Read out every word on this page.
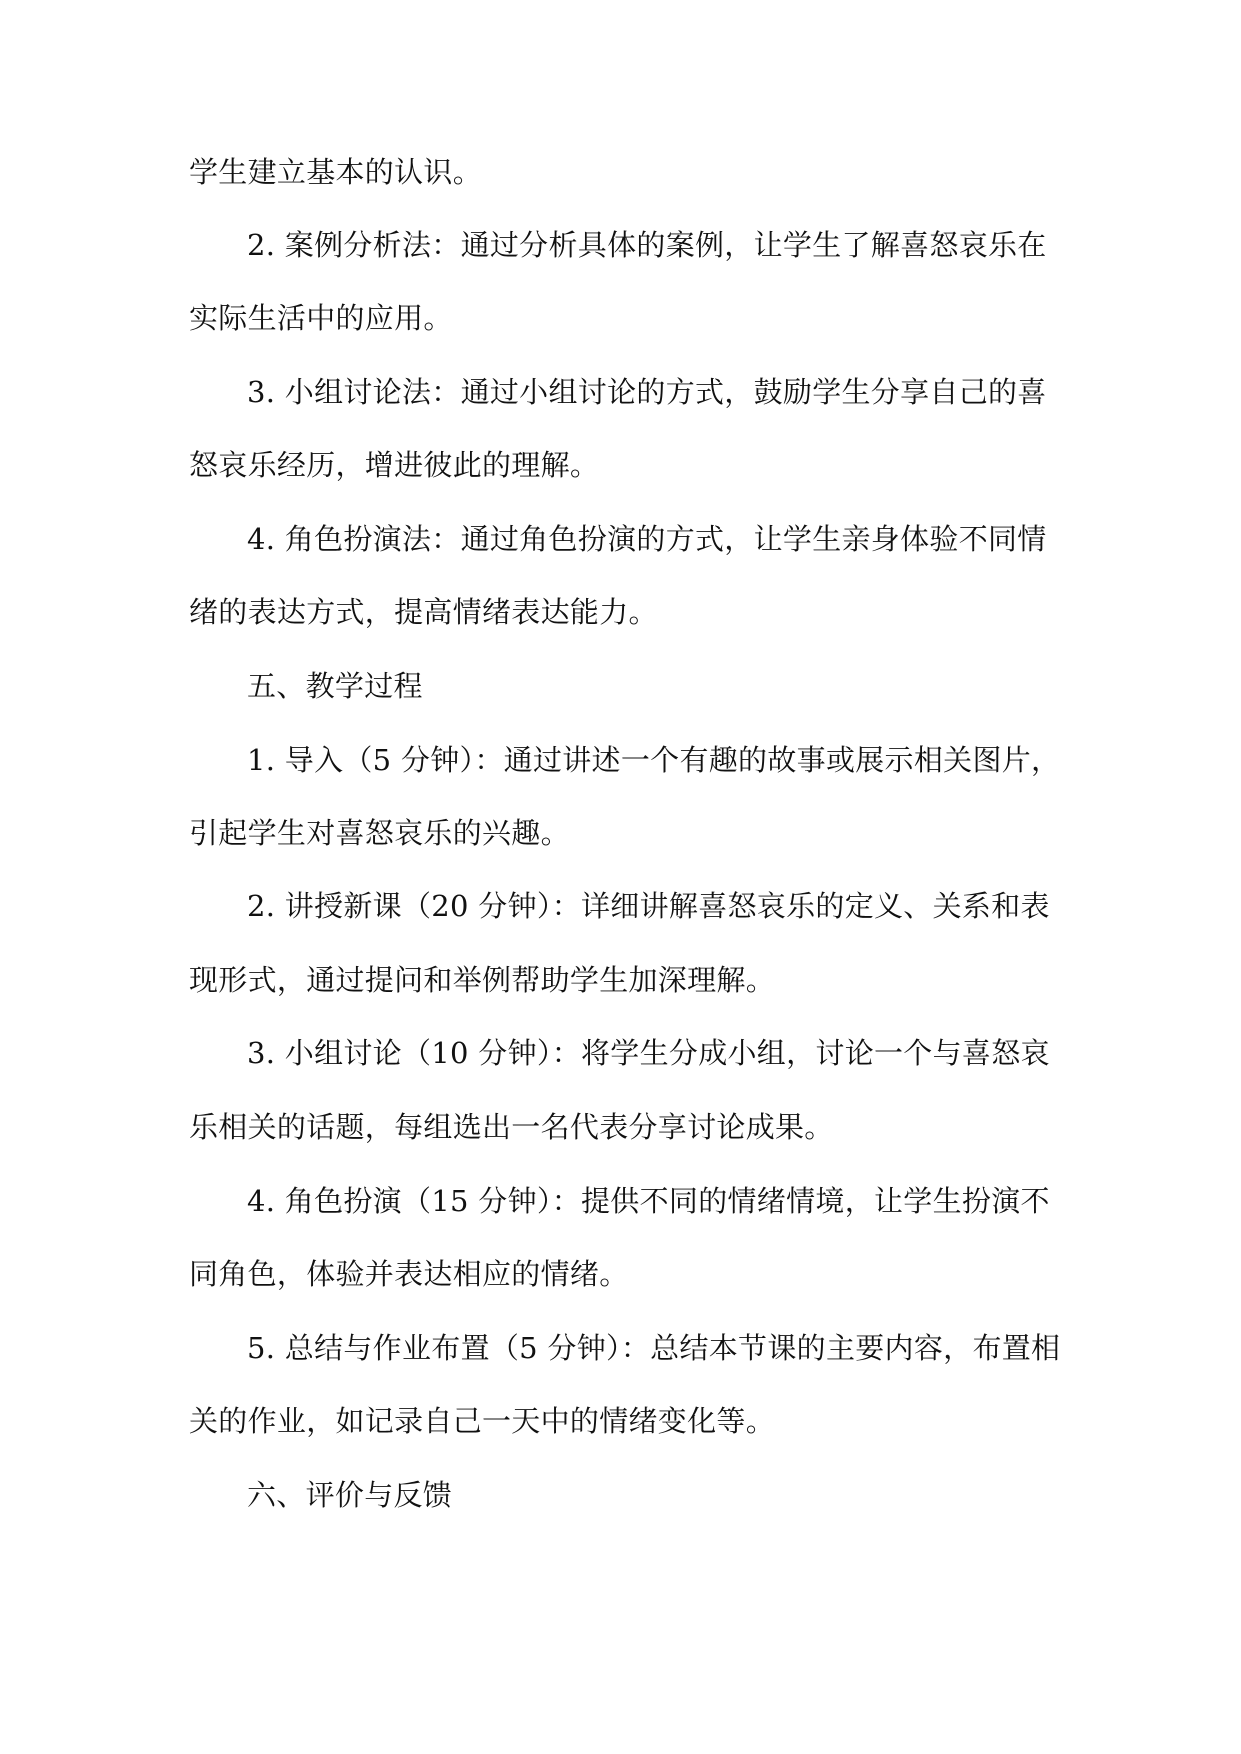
学生建立基本的认识。
2. 案例分析法：通过分析具体的案例，让学生了解喜怒哀乐在
实际生活中的应用。
3. 小组讨论法：通过小组讨论的方式，鼓励学生分享自己的喜
怒哀乐经历，增进彼此的理解。
4. 角色扮演法：通过角色扮演的方式，让学生亲身体验不同情
绪的表达方式，提高情绪表达能力。
五、教学过程
1. 导入（5 分钟）：通过讲述一个有趣的故事或展示相关图片，
引起学生对喜怒哀乐的兴趣。
2. 讲授新课（20 分钟）：详细讲解喜怒哀乐的定义、关系和表
现形式，通过提问和举例帮助学生加深理解。
3. 小组讨论（10 分钟）：将学生分成小组，讨论一个与喜怒哀
乐相关的话题，每组选出一名代表分享讨论成果。
4. 角色扮演（15 分钟）：提供不同的情绪情境，让学生扮演不
同角色，体验并表达相应的情绪。
5. 总结与作业布置（5 分钟）：总结本节课的主要内容，布置相
关的作业，如记录自己一天中的情绪变化等。
六、评价与反馈
